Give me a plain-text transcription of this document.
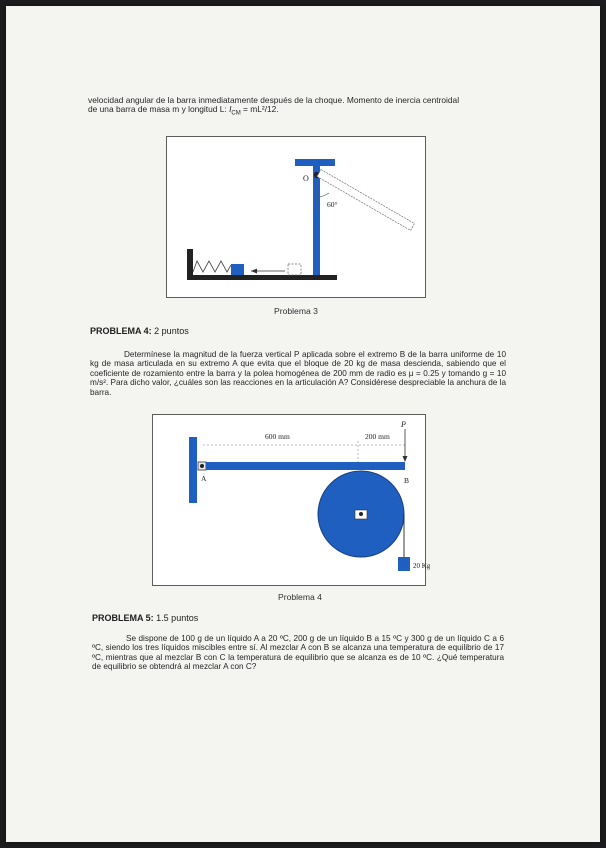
velocidad angular de la barra inmediatamente después de la choque. Momento de inercia centroidal
de una barra de masa m y longitud L: $I_{CM} = mL^2/12$.
O
60°
Problema 3
PROBLEMA 4: 2 puntos
Determínese la magnitud de la fuerza vertical P aplicada sobre el extremo B de la barra uniforme de 10 kg de masa articulada en su extremo A que evita que el bloque de 20 kg de masa descienda, sabiendo que el coeficiente de rozamiento entre la barra y la polea homogénea de 200 mm de radio es μ = 0.25 y tomando g = 10 m/s². Para dicho valor, ¿cuáles son las reacciones en la articulación A? Considérese despreciable la anchura de la barra.
A
600 mm	200 mm
P
B
20 Kg
Problema 4
PROBLEMA 5: 1.5 puntos
Se dispone de 100 g de un líquido A a 20 ºC, 200 g de un líquido B a 15 ºC y 300 g de un líquido C a 6 ºC, siendo los tres líquidos miscibles entre sí. Al mezclar A con B se alcanza una temperatura de equilibrio de 17 ºC, mientras que al mezclar B con C la temperatura de equilibrio que se alcanza es de 10 ºC. ¿Qué temperatura de equilibrio se obtendrá al mezclar A con C?
